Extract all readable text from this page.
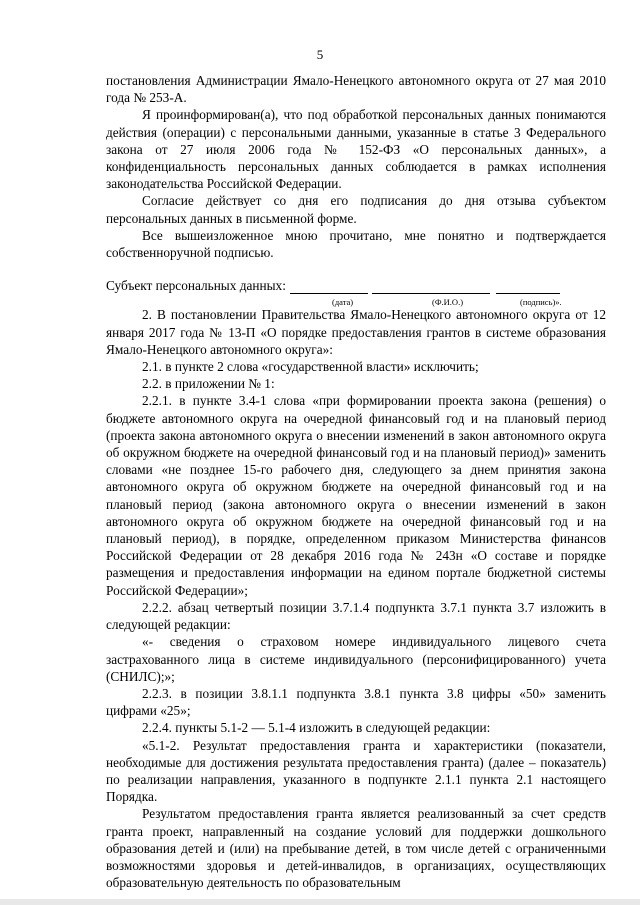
5

постановления Администрации Ямало-Ненецкого автономного округа от 27 мая 2010 года № 253-А.

Я проинформирован(а), что под обработкой персональных данных понимаются действия (операции) с персональными данными, указанные в статье 3 Федерального закона от 27 июля 2006 года № 152-ФЗ «О персональных данных», а конфиденциальность персональных данных соблюдается в рамках исполнения законодательства Российской Федерации.

Согласие действует со дня его подписания до дня отзыва субъектом персональных данных в письменной форме.

Все вышеизложенное мною прочитано, мне понятно и подтверждается собственноручной подписью.

Субъект персональных данных:
(дата)	(Ф.И.О.)	(подпись)».

2. В постановлении Правительства Ямало-Ненецкого автономного округа от 12 января 2017 года № 13-П «О порядке предоставления грантов в системе образования Ямало-Ненецкого автономного округа»:

2.1. в пункте 2 слова «государственной власти» исключить;

2.2. в приложении № 1:

2.2.1. в пункте 3.4-1 слова «при формировании проекта закона (решения) о бюджете автономного округа на очередной финансовый год и на плановый период (проекта закона автономного округа о внесении изменений в закон автономного округа об окружном бюджете на очередной финансовый год и на плановый период)» заменить словами «не позднее 15-го рабочего дня, следующего за днем принятия закона автономного округа об окружном бюджете на очередной финансовый год и на плановый период (закона автономного округа о внесении изменений в закон автономного округа об окружном бюджете на очередной финансовый год и на плановый период), в порядке, определенном приказом Министерства финансов Российской Федерации от 28 декабря 2016 года № 243н «О составе и порядке размещения и предоставления информации на едином портале бюджетной системы Российской Федерации»;

2.2.2. абзац четвертый позиции 3.7.1.4 подпункта 3.7.1 пункта 3.7 изложить в следующей редакции:

«- сведения о страховом номере индивидуального лицевого счета застрахованного лица в системе индивидуального (персонифицированного) учета (СНИЛС);»;

2.2.3. в позиции 3.8.1.1 подпункта 3.8.1 пункта 3.8 цифры «50» заменить цифрами «25»;

2.2.4. пункты 5.1-2 — 5.1-4 изложить в следующей редакции:

«5.1-2. Результат предоставления гранта и характеристики (показатели, необходимые для достижения результата предоставления гранта) (далее – показатель) по реализации направления, указанного в подпункте 2.1.1 пункта 2.1 настоящего Порядка.

Результатом предоставления гранта является реализованный за счет средств гранта проект, направленный на создание условий для поддержки дошкольного образования детей и (или) на пребывание детей, в том числе детей с ограниченными возможностями здоровья и детей-инвалидов, в организациях, осуществляющих образовательную деятельность по образовательным
